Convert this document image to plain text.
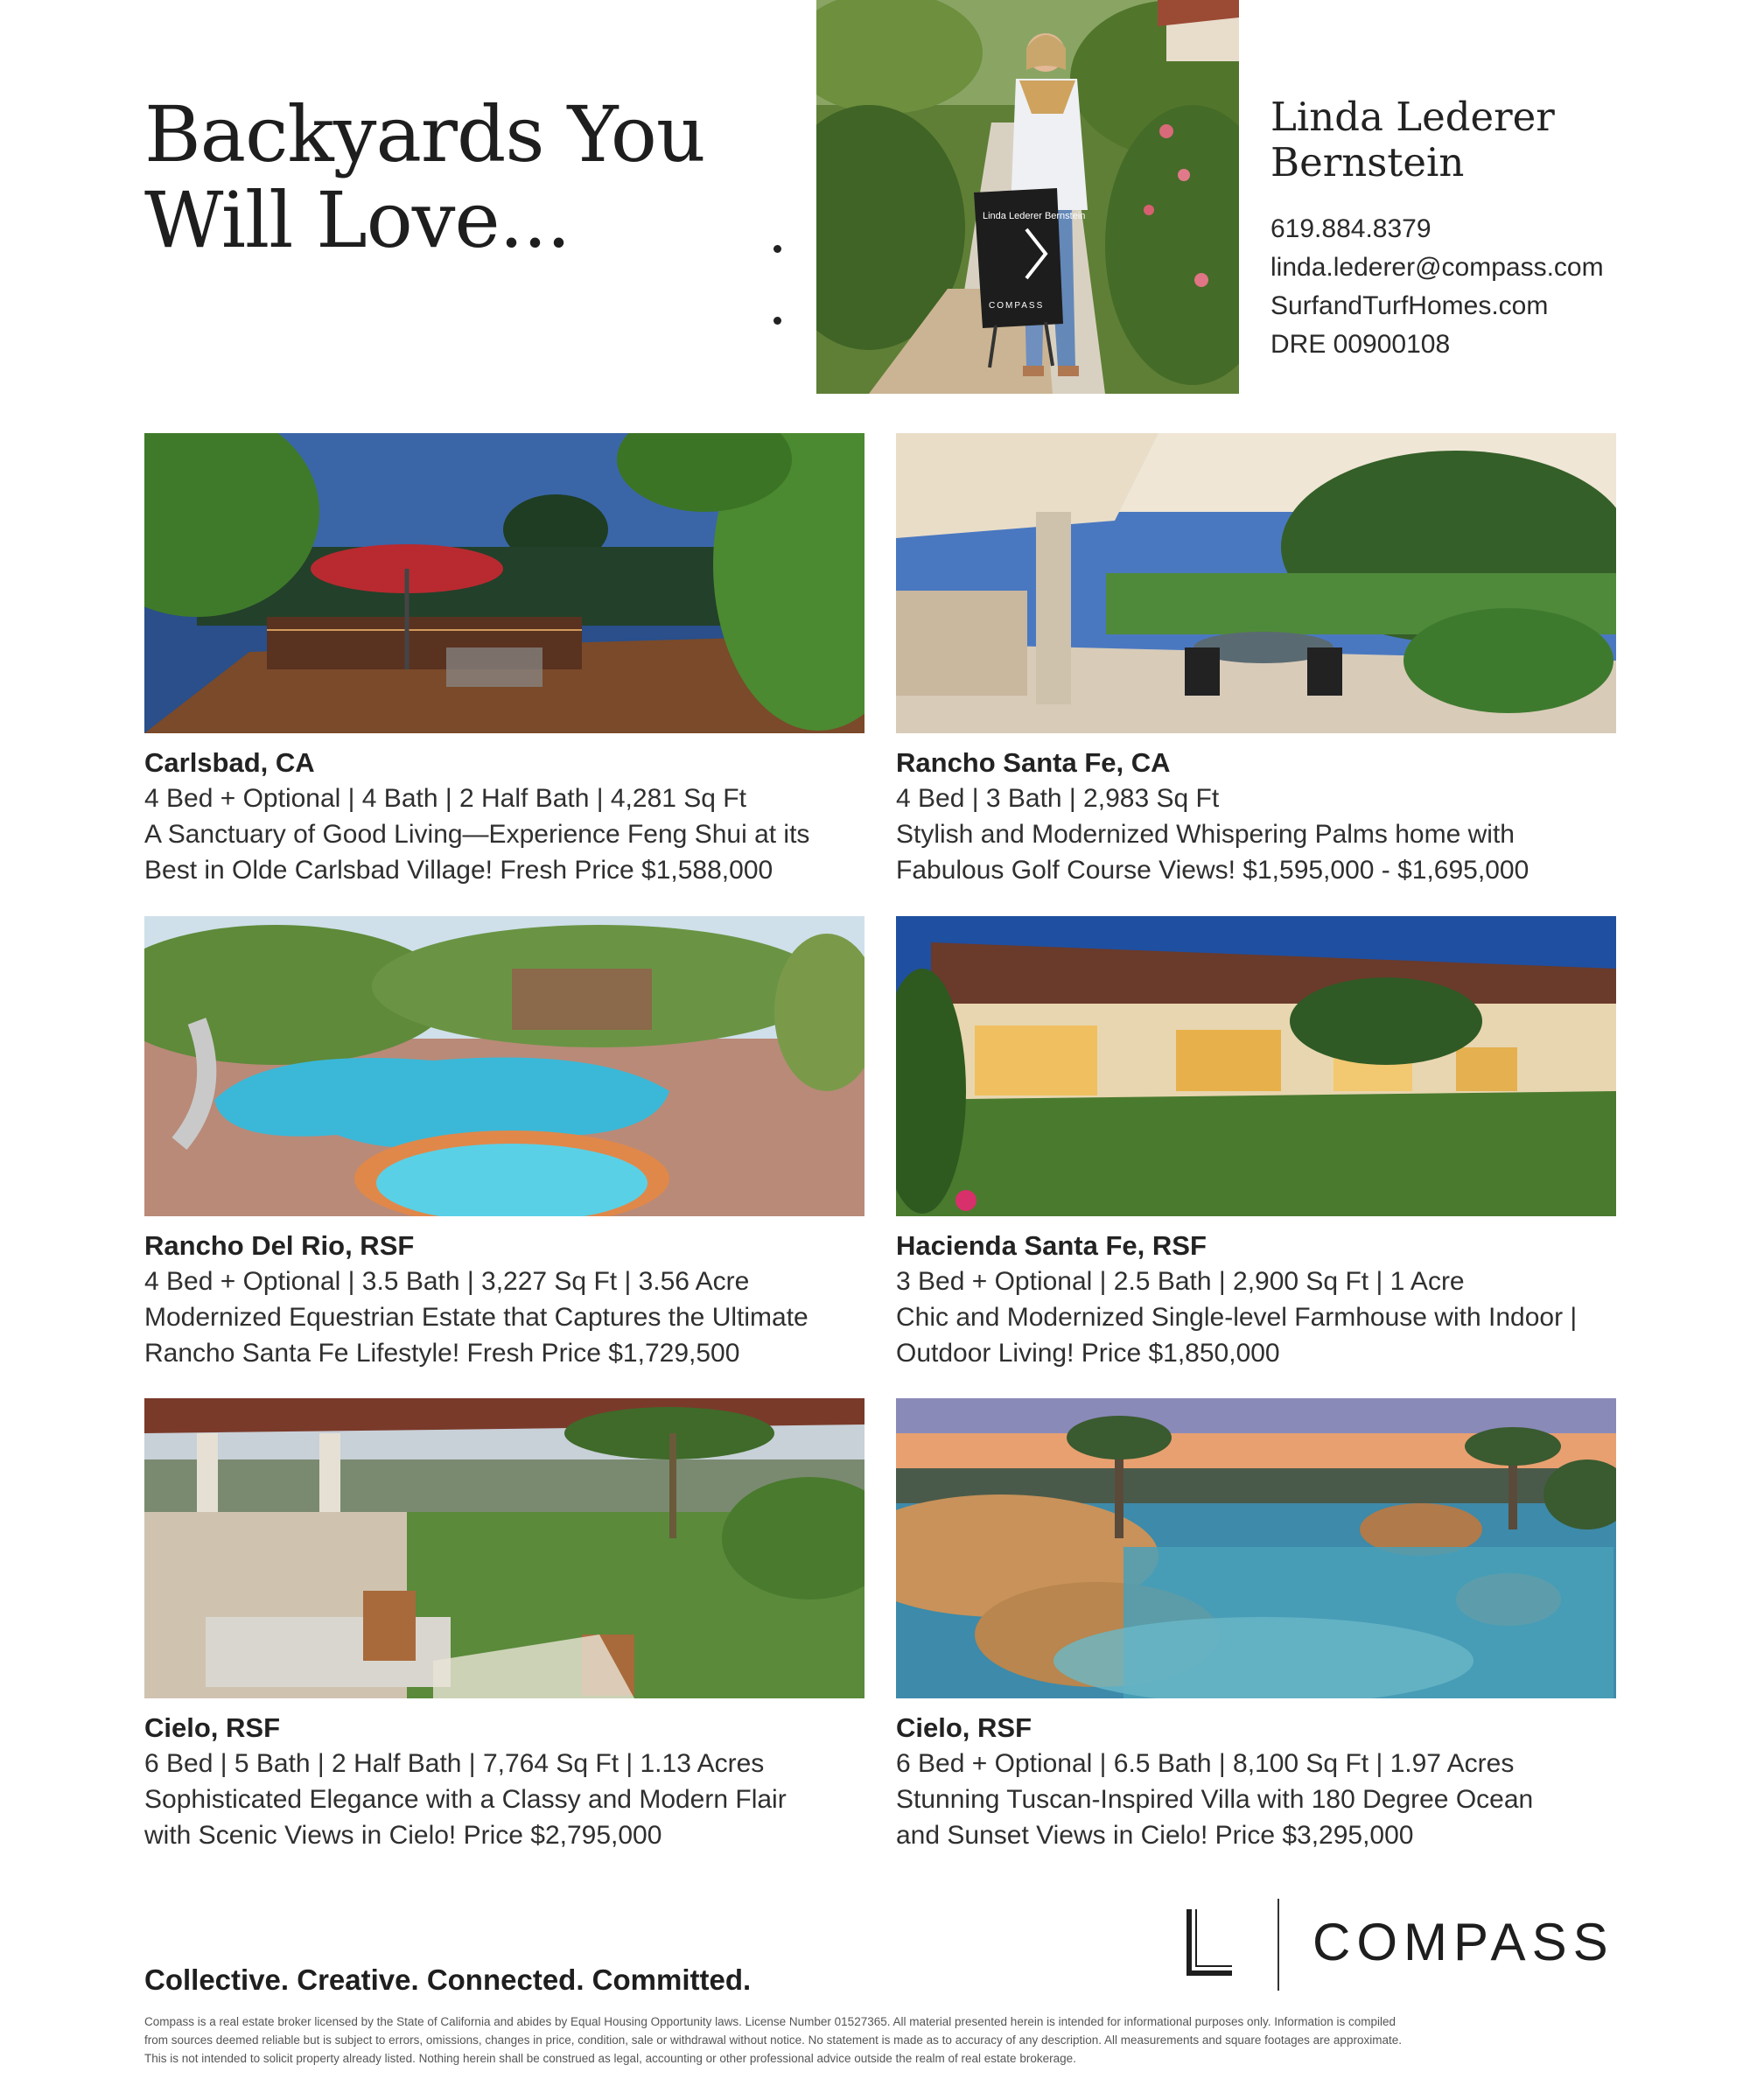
Backyards You
Will Love...	Linda Lederer Bernstein
COMPASS
Linda Lederer
Bernstein
619.884.8379
linda.lederer@compass.com
SurfandTurfHomes.com
DRE 00900108
Carlsbad, CA
4 Bed + Optional | 4 Bath | 2 Half Bath | 4,281 Sq Ft
A Sanctuary of Good Living—Experience Feng Shui at its
Best in Olde Carlsbad Village! Fresh Price $1,588,000
Rancho Santa Fe, CA
4 Bed | 3 Bath | 2,983 Sq Ft
Stylish and Modernized Whispering Palms home with
Fabulous Golf Course Views! $1,595,000 - $1,695,000
Rancho Del Rio, RSF
4 Bed + Optional | 3.5 Bath | 3,227 Sq Ft | 3.56 Acre
Modernized Equestrian Estate that Captures the Ultimate
Rancho Santa Fe Lifestyle! Fresh Price $1,729,500
Hacienda Santa Fe, RSF
3 Bed + Optional | 2.5 Bath | 2,900 Sq Ft | 1 Acre
Chic and Modernized Single-level Farmhouse with Indoor |
Outdoor Living! Price $1,850,000
Cielo, RSF
6 Bed | 5 Bath | 2 Half Bath | 7,764 Sq Ft | 1.13 Acres
Sophisticated Elegance with a Classy and Modern Flair
with Scenic Views in Cielo! Price $2,795,000
Cielo, RSF
6 Bed + Optional | 6.5 Bath | 8,100 Sq Ft | 1.97 Acres
Stunning Tuscan-Inspired Villa with 180 Degree Ocean
and Sunset Views in Cielo! Price $3,295,000
COMPASS
Collective. Creative. Connected. Committed.
Compass is a real estate broker licensed by the State of California and abides by Equal Housing Opportunity laws. License Number 01527365. All material presented herein is intended for informational purposes only. Information is compiled
from sources deemed reliable but is subject to errors, omissions, changes in price, condition, sale or withdrawal without notice. No statement is made as to accuracy of any description. All measurements and square footages are approximate.
This is not intended to solicit property already listed. Nothing herein shall be construed as legal, accounting or other professional advice outside the realm of real estate brokerage.
